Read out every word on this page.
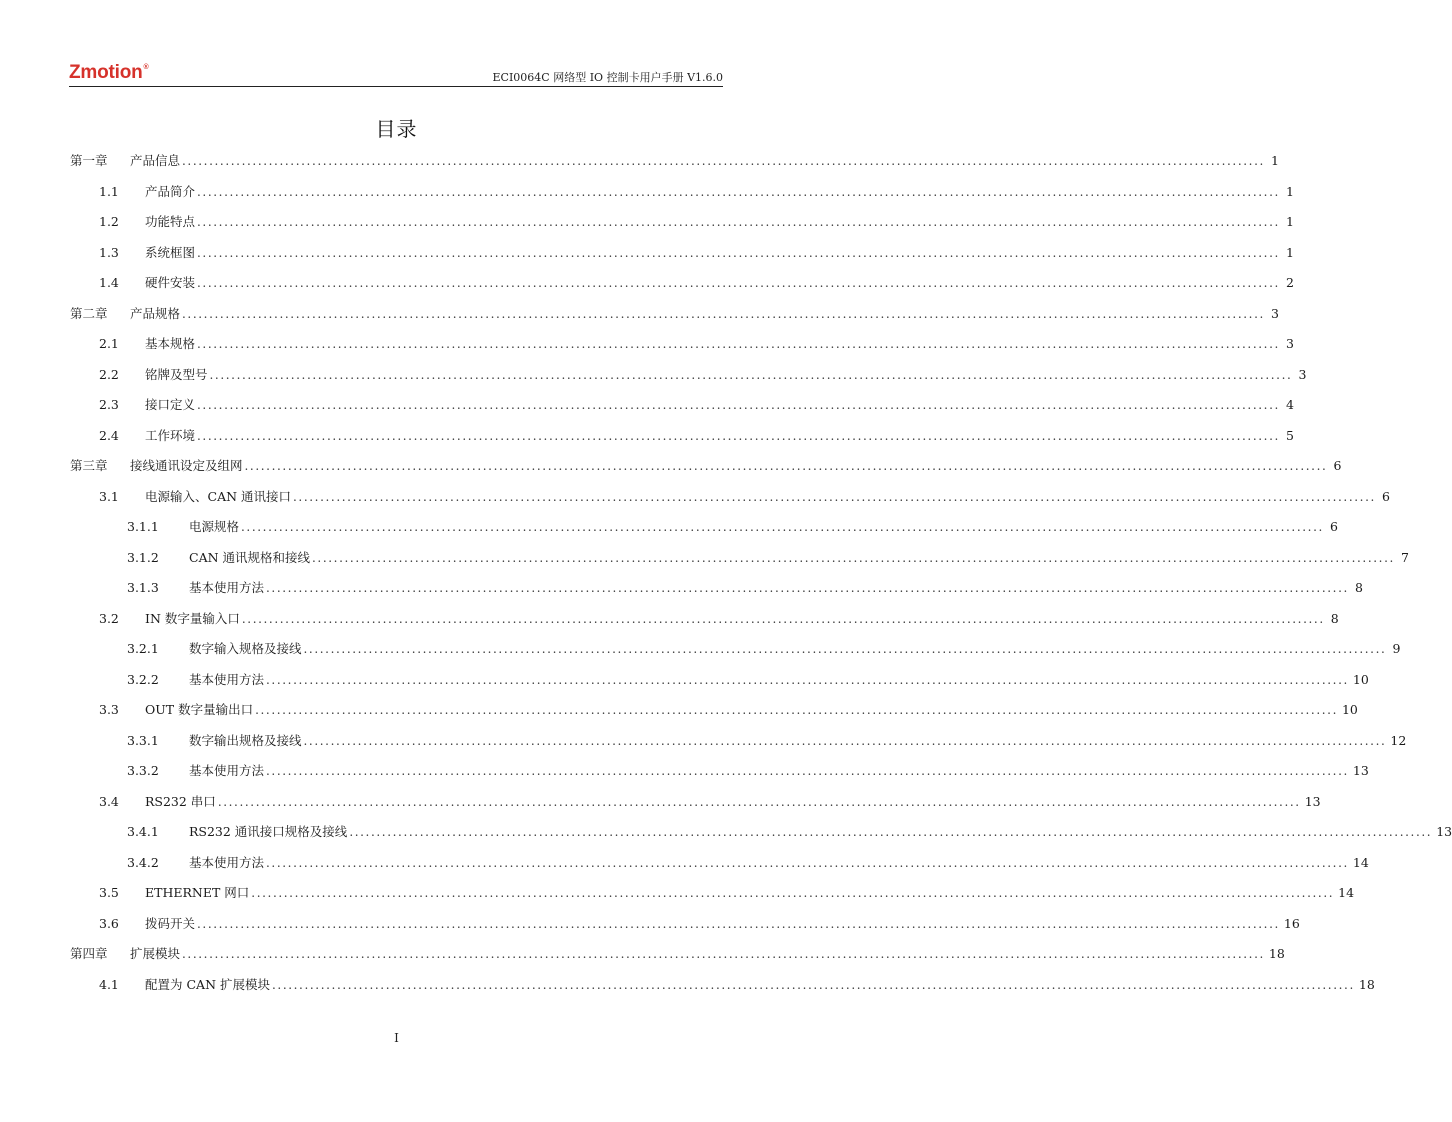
Zmotion®
ECI0064C 网络型 IO 控制卡用户手册 V1.6.0
目录
第一章	产品信息 ........................................................................................................................................................................................................ 1
1.1	产品简介 ........................................................................................................................................................................................................ 1
1.2	功能特点 ........................................................................................................................................................................................................ 1
1.3	系统框图 ........................................................................................................................................................................................................ 1
1.4	硬件安装 ........................................................................................................................................................................................................ 2
第二章	产品规格 ........................................................................................................................................................................................................ 3
2.1	基本规格 ........................................................................................................................................................................................................ 3
2.2	铭牌及型号 ........................................................................................................................................................................................................ 3
2.3	接口定义 ........................................................................................................................................................................................................ 4
2.4	工作环境 ........................................................................................................................................................................................................ 5
第三章	接线通讯设定及组网 ........................................................................................................................................................................................................ 6
3.1	电源输入、CAN 通讯接口 ........................................................................................................................................................................................................ 6
3.1.1	电源规格 ........................................................................................................................................................................................................ 6
3.1.2	CAN 通讯规格和接线 ........................................................................................................................................................................................................ 7
3.1.3	基本使用方法 ........................................................................................................................................................................................................ 8
3.2	IN 数字量输入口 ........................................................................................................................................................................................................ 8
3.2.1	数字输入规格及接线 ........................................................................................................................................................................................................ 9
3.2.2	基本使用方法 ........................................................................................................................................................................................................ 10
3.3	OUT 数字量输出口 ........................................................................................................................................................................................................ 10
3.3.1	数字输出规格及接线 ........................................................................................................................................................................................................ 12
3.3.2	基本使用方法 ........................................................................................................................................................................................................ 13
3.4	RS232 串口 ........................................................................................................................................................................................................ 13
3.4.1	RS232 通讯接口规格及接线 ........................................................................................................................................................................................................ 13
3.4.2	基本使用方法 ........................................................................................................................................................................................................ 14
3.5	ETHERNET 网口 ........................................................................................................................................................................................................ 14
3.6	拨码开关 ........................................................................................................................................................................................................ 16
第四章	扩展模块 ........................................................................................................................................................................................................ 18
4.1	配置为 CAN 扩展模块 ........................................................................................................................................................................................................ 18
I
